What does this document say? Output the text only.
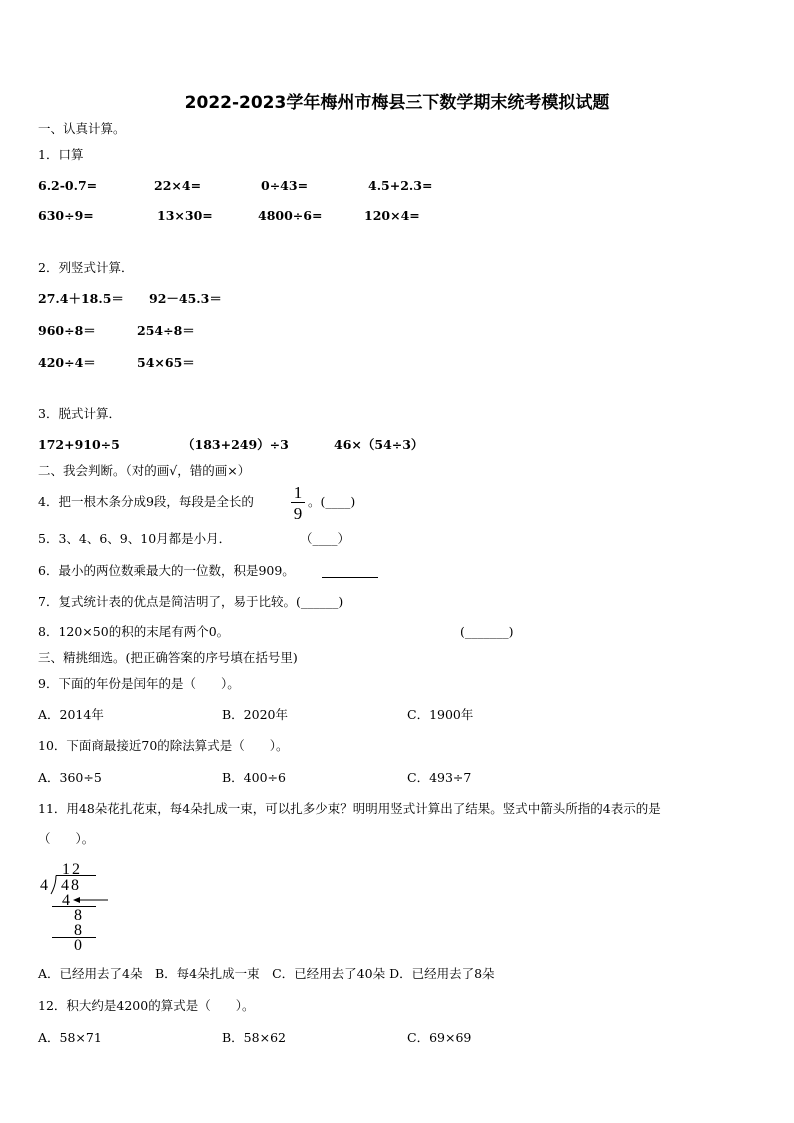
2022-2023学年梅州市梅县三下数学期末统考模拟试题
一、认真计算。
1．口算
6.2-0.7=	22×4=	0÷43=	4.5+2.3=
630÷9=	13×30=	4800÷6=	120×4=
2．列竖式计算．
27.4＋18.5＝ 92－45.3＝
960÷8＝	254÷8＝
420÷4＝	54×65＝
3．脱式计算．
172+910÷5	（183+249）÷3	46×（54÷3）
二、我会判断。（对的画√，错的画×）
4．把一根木条分成9段，每段是全长的 1
9
。(____)
5．3、4、6、9、10月都是小月．	（____）
6．最小的两位数乘最大的一位数，积是909。
7．复式统计表的优点是简洁明了，易于比较。(______)
8．120×50的积的末尾有两个0。	(_______)
三、精挑细选。(把正确答案的序号填在括号里)
9．下面的年份是闰年的是（　　）。
A．2014年	B．2020年	C．1900年
10．下面商最接近70的除法算式是（　　）。
A．360÷5	B．400÷6	C．493÷7
11．用48朵花扎花束，每4朵扎成一束，可以扎多少束？明明用竖式计算出了结果。竖式中箭头所指的4表示的是
（　　）。
12
4 48
4
8
8
0
A．已经用去了4朵　B．每4朵扎成一束　C．已经用去了40朵 D．已经用去了8朵
12．积大约是4200的算式是（　　）。
A．58×71	B．58×62	C．69×69
